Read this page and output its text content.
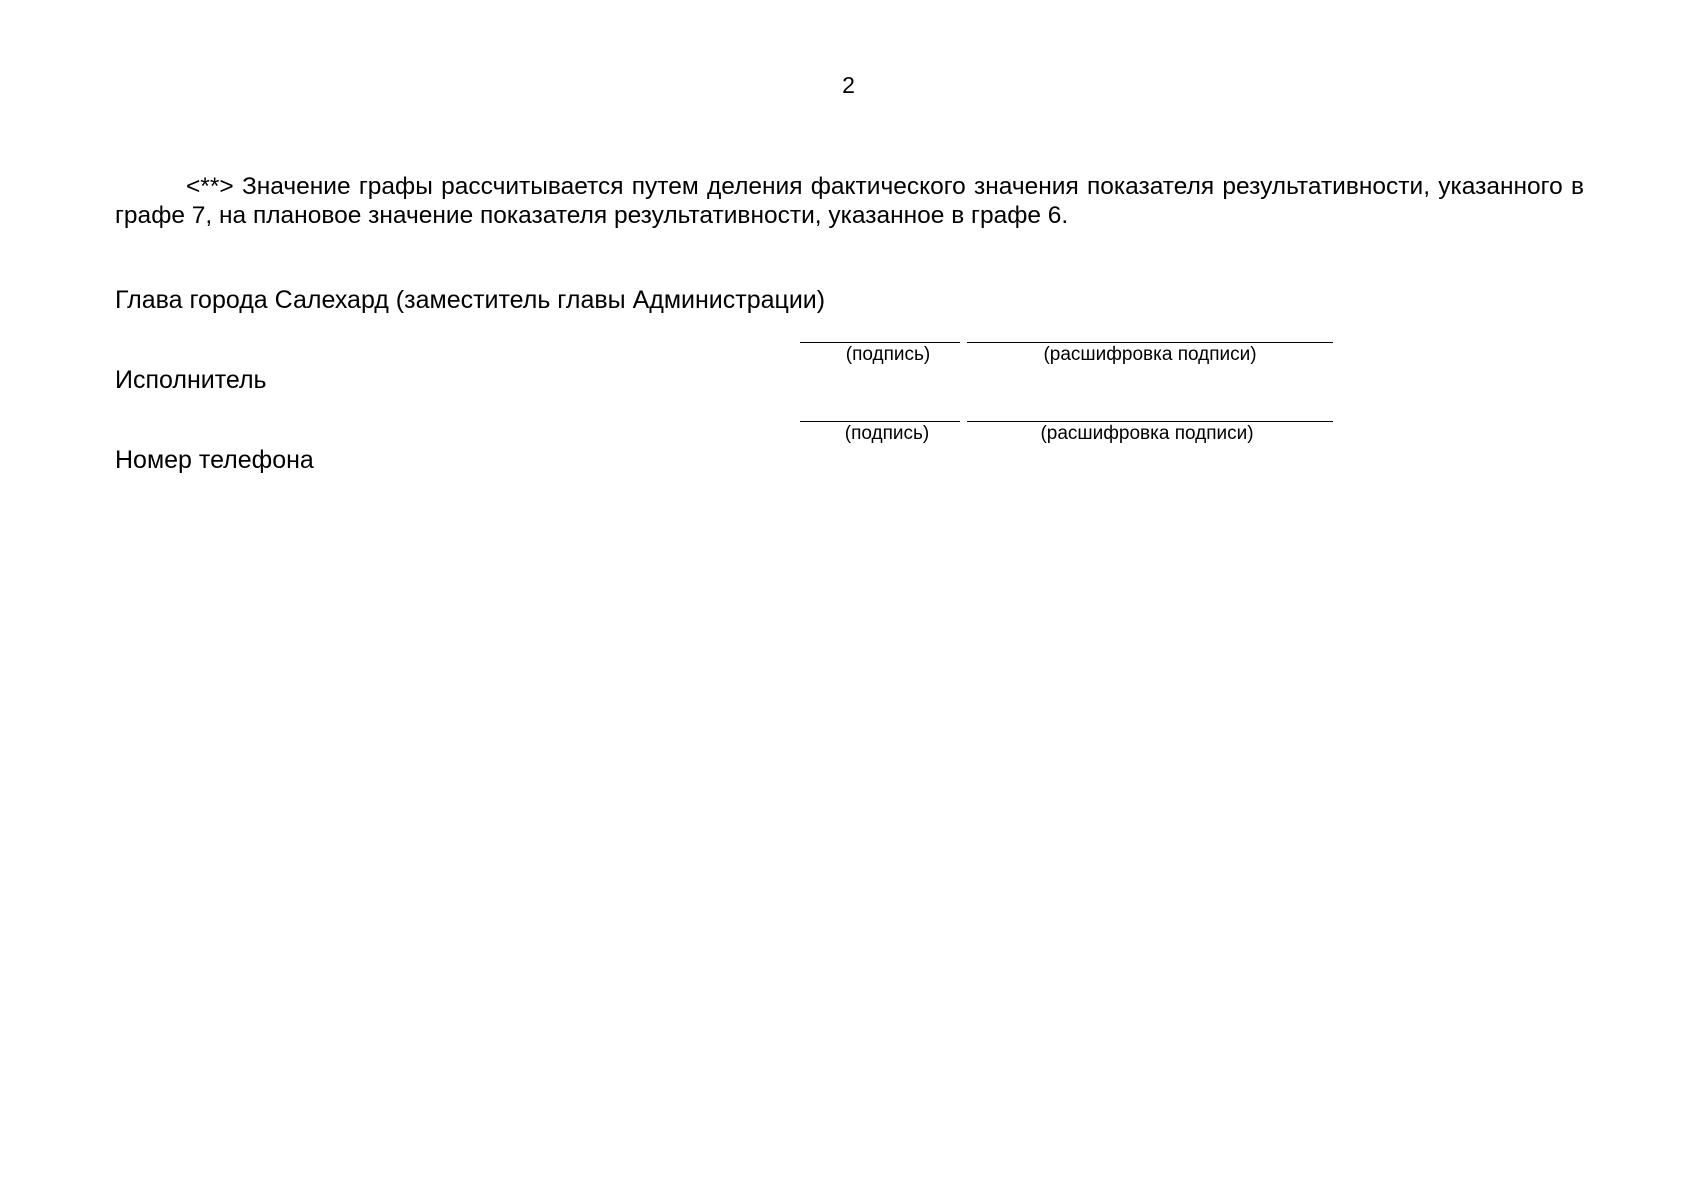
2

<**> Значение графы рассчитывается путем деления фактического значения показателя результативности, указанного в графе 7, на плановое значение показателя результативности, указанное в графе 6.

Глава города Салехард (заместитель главы Администрации)
(подпись)	(расшифровка подписи)
Исполнитель
(подпись)	(расшифровка подписи)
Номер телефона
